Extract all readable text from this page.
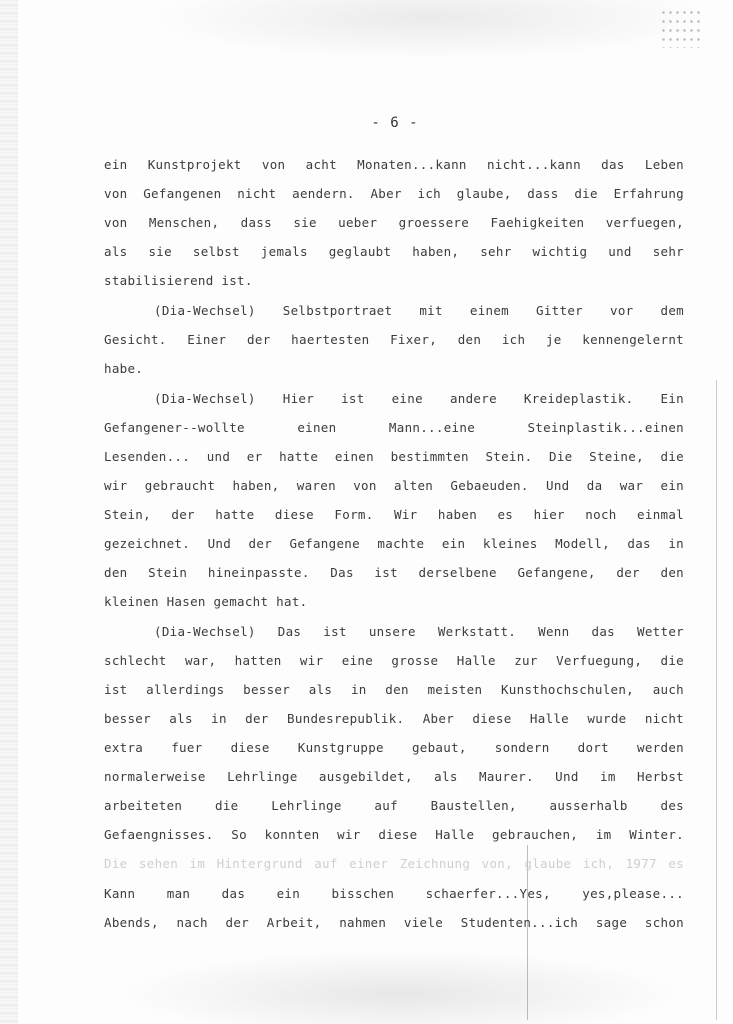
- 6 -
ein Kunstprojekt von acht Monaten...kann nicht...kann das Leben
von Gefangenen nicht aendern. Aber ich glaube, dass die Erfahrung
von Menschen, dass sie ueber groessere Faehigkeiten verfuegen,
als sie selbst jemals geglaubt haben, sehr wichtig und sehr
stabilisierend ist.
(Dia-Wechsel) Selbstportraet mit einem Gitter vor dem
Gesicht. Einer der haertesten Fixer, den ich je kennengelernt
habe.
(Dia-Wechsel) Hier ist eine andere Kreideplastik. Ein
Gefangener--wollte einen Mann...eine Steinplastik...einen
Lesenden... und er hatte einen bestimmten Stein. Die Steine, die
wir gebraucht haben, waren von alten Gebaeuden. Und da war ein
Stein, der hatte diese Form. Wir haben es hier noch einmal
gezeichnet. Und der Gefangene machte ein kleines Modell, das in
den Stein hineinpasste. Das ist derselbene Gefangene, der den
kleinen Hasen gemacht hat.
(Dia-Wechsel) Das ist unsere Werkstatt. Wenn das Wetter
schlecht war, hatten wir eine grosse Halle zur Verfuegung, die
ist allerdings besser als in den meisten Kunsthochschulen, auch
besser als in der Bundesrepublik. Aber diese Halle wurde nicht
extra fuer diese Kunstgruppe gebaut, sondern dort werden
normalerweise Lehrlinge ausgebildet, als Maurer. Und im Herbst
arbeiteten die Lehrlinge auf Baustellen, ausserhalb des
Gefaengnisses. So konnten wir diese Halle gebrauchen, im Winter.
Die sehen im Hintergrund auf einer Zeichnung von, glaube ich, 1977 es
Kann man das ein bisschen schaerfer...Yes, yes,please...
Abends, nach der Arbeit, nahmen viele Studenten...ich sage schon
